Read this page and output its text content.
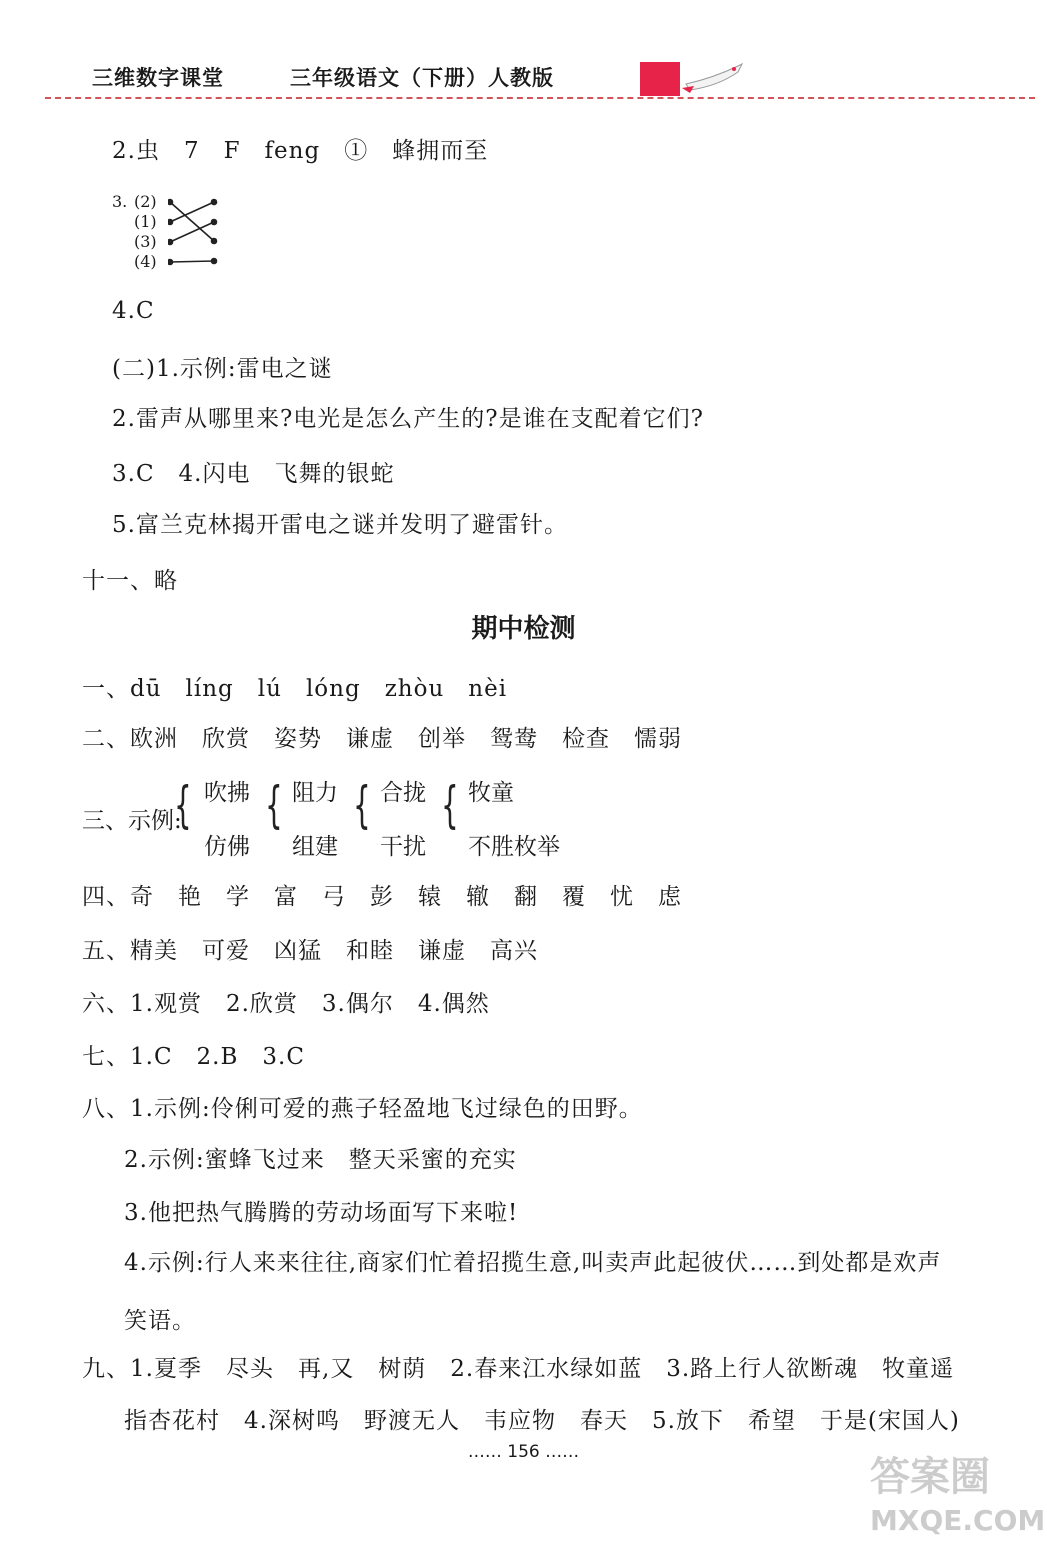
三维数字课堂	三年级语文（下册）人教版
2.虫　7　F　feng　①　蜂拥而至
3. (2)
(1)
(3)
(4)
4.C
(二)1.示例:雷电之谜
2.雷声从哪里来?电光是怎么产生的?是谁在支配着它们?
3.C　4.闪电　飞舞的银蛇
5.富兰克林揭开雷电之谜并发明了避雷针。
十一、略
期中检测
一、dū　líng　lú　lóng　zhòu　nèi
二、欧洲　欣赏　姿势　谦虚　创举　鸳鸯　检查　懦弱
三、示例:
{ 吹拂
仿佛
{ 阻力
组建
{ 合拢
干扰
{ 牧童
不胜枚举
四、奇　艳　学　富　弓　彭　辕　辙　翻　覆　忧　虑
五、精美　可爱　凶猛　和睦　谦虚　高兴
六、1.观赏　2.欣赏　3.偶尔　4.偶然
七、1.C　2.B　3.C
八、1.示例:伶俐可爱的燕子轻盈地飞过绿色的田野。
2.示例:蜜蜂飞过来　整天采蜜的充实
3.他把热气腾腾的劳动场面写下来啦!
4.示例:行人来来往往,商家们忙着招揽生意,叫卖声此起彼伏……到处都是欢声
笑语。
九、1.夏季　尽头　再,又　树荫　2.春来江水绿如蓝　3.路上行人欲断魂　牧童遥
指杏花村　4.深树鸣　野渡无人　韦应物　春天　5.放下　希望　于是(宋国人)
…… 156 ……
答案圈
MXQE.COM
